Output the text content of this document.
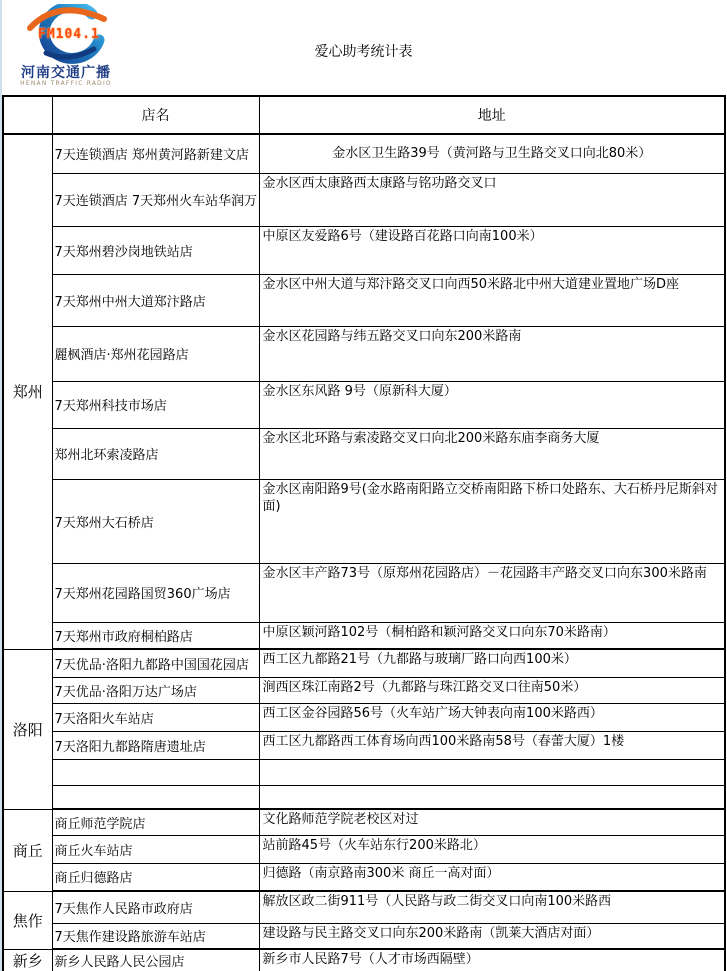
FM104.1
河南交通广播
HENAN TRAFFIC RADIO
爱心助考统计表
	店名	地址
郑州	7天连锁酒店 郑州黄河路新建文店	金水区卫生路39号（黄河路与卫生路交叉口向北80米）
	7天连锁酒店 7天郑州火车站华润万	金水区西太康路西太康路与铭功路交叉口
	7天郑州碧沙岗地铁站店	中原区友爱路6号（建设路百花路口向南100米）
	7天郑州中州大道郑汴路店	金水区中州大道与郑汴路交叉口向西50米路北中州大道建业置地广场D座
	麗枫酒店·郑州花园路店	金水区花园路与纬五路交叉口向东200米路南
	7天郑州科技市场店	金水区东风路 9号（原新科大厦）
	郑州北环索凌路店	金水区北环路与索凌路交叉口向北200米路东庙李商务大厦
	7天郑州大石桥店	金水区南阳路9号(金水路南阳路立交桥南阳路下桥口处路东、大石桥丹尼斯斜对面)
	7天郑州花园路国贸360广场店	金水区丰产路73号（原郑州花园路店）－花园路丰产路交叉口向东300米路南
	7天郑州市政府桐柏路店	中原区颖河路102号（桐柏路和颖河路交叉口向东70米路南）
洛阳	7天优品·洛阳九都路中国国花园店	西工区九都路21号（九都路与玻璃厂路口向西100米）
	7天优品·洛阳万达广场店	涧西区珠江南路2号（九都路与珠江路交叉口往南50米）
	7天洛阳火车站店	西工区金谷园路56号（火车站广场大钟表向南100米路西）
	7天洛阳九都路隋唐遗址店	西工区九都路西工体育场向西100米路南58号（春蕾大厦）1楼

商丘	商丘师范学院店	文化路师范学院老校区对过
	商丘火车站店	站前路45号（火车站东行200米路北）
	商丘归德路店	归德路（南京路南300米 商丘一高对面）
焦作	7天焦作人民路市政府店	解放区政二街911号（人民路与政二街交叉口向南100米路西
	7天焦作建设路旅游车站店	建设路与民主路交叉口向东200米路南（凯莱大酒店对面）
新乡	新乡人民路人民公园店	新乡市人民路7号（人才市场西隔壁）
